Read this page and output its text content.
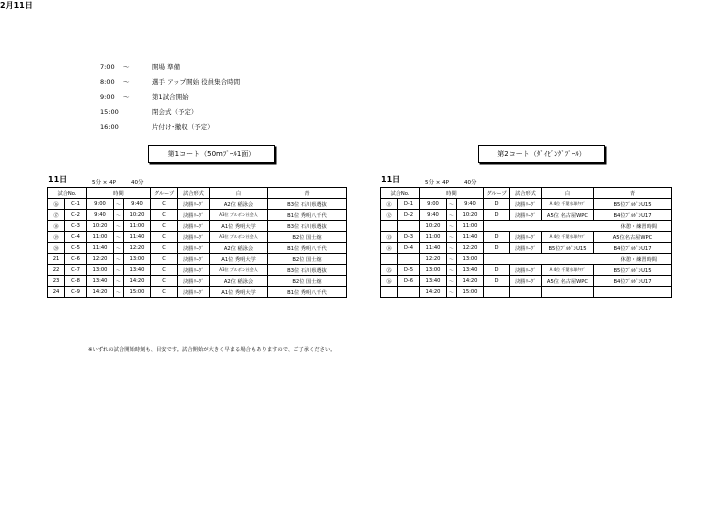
2月11日
7:00 ～	開場 準備
8:00 ～	選手 アップ開始 役員集合時間
9:00 ～	第1試合開始
15:00	閉会式（予定）
16:00	片付け･撤収（予定）
第1コート（50mﾌﾟｰﾙ1面）	第2コート（ﾀﾞｲﾋﾞﾝｸﾞﾌﾟｰﾙ）
11日	5分 × 4P	40分	11日	5分 × 4P	40分
試合No.		時間			グループ	試合形式	白	青
⑯	C-1	9:00	～	9:40	C	決勝ﾘｰｸﾞ	A2位 稲泳会	B3位 石川県選抜
⑰	C-2	9:40	～	10:20	C	決勝ﾘｰｸﾞ	A3位 ブルボン社会人	B1位 秀明八千代
⑱	C-3	10:20	～	11:00	C	決勝ﾘｰｸﾞ	A1位 秀明大学	B3位 石川県選抜
⑲	C-4	11:00	～	11:40	C	決勝ﾘｰｸﾞ	A3位 ブルボン社会人	B2位 国士舘
⑳	C-5	11:40	～	12:20	C	決勝ﾘｰｸﾞ	A2位 稲泳会	B1位 秀明八千代
21	C-6	12:20	～	13:00	C	決勝ﾘｰｸﾞ	A1位 秀明大学	B2位 国士舘
22	C-7	13:00	～	13:40	C	決勝ﾘｰｸﾞ	A3位 ブルボン社会人	B3位 石川県選抜
23	C-8	13:40	～	14:20	C	決勝ﾘｰｸﾞ	A2位 稲泳会	B2位 国士舘
24	C-9	14:20	～	15:00	C	決勝ﾘｰｸﾞ	A1位 秀明大学	B1位 秀明八千代
試合No.		時間			グループ	試合形式	白	青
⑪	D-1	9:00	～	9:40	D	決勝ﾘｰｸﾞ	A 4位 千葉水球ｸﾗﾌﾞ	B5位ﾌﾞﾙﾎﾞﾝU15
⑫	D-2	9:40	～	10:20	D	決勝ﾘｰｸﾞ	A5位 名古屋WPC	B4位ﾌﾞﾙﾎﾞﾝU17
		10:20	～	11:00	休憩・練習時間			
⑬	D-3	11:00	～	11:40	D	決勝ﾘｰｸﾞ	A 4位 千葉水球ｸﾗﾌﾞ	A5位名古屋WPC
⑭	D-4	11:40	～	12:20	D	決勝ﾘｰｸﾞ	B5位ﾌﾞﾙﾎﾞﾝU15	B4位ﾌﾞﾙﾎﾞﾝU17
		12:20	～	13:00	休憩・練習時間			
⑮	D-5	13:00	～	13:40	D	決勝ﾘｰｸﾞ	A 4位 千葉水球ｸﾗﾌﾞ	B5位ﾌﾞﾙﾎﾞﾝU15
⑯	D-6	13:40	～	14:20	D	決勝ﾘｰｸﾞ	A5位 名古屋WPC	B4位ﾌﾞﾙﾎﾞﾝU17
		14:20	～	15:00				
※いずれの試合開始時刻も、目安です。試合開始が大きく早まる場合もありますので、ご了承ください。
